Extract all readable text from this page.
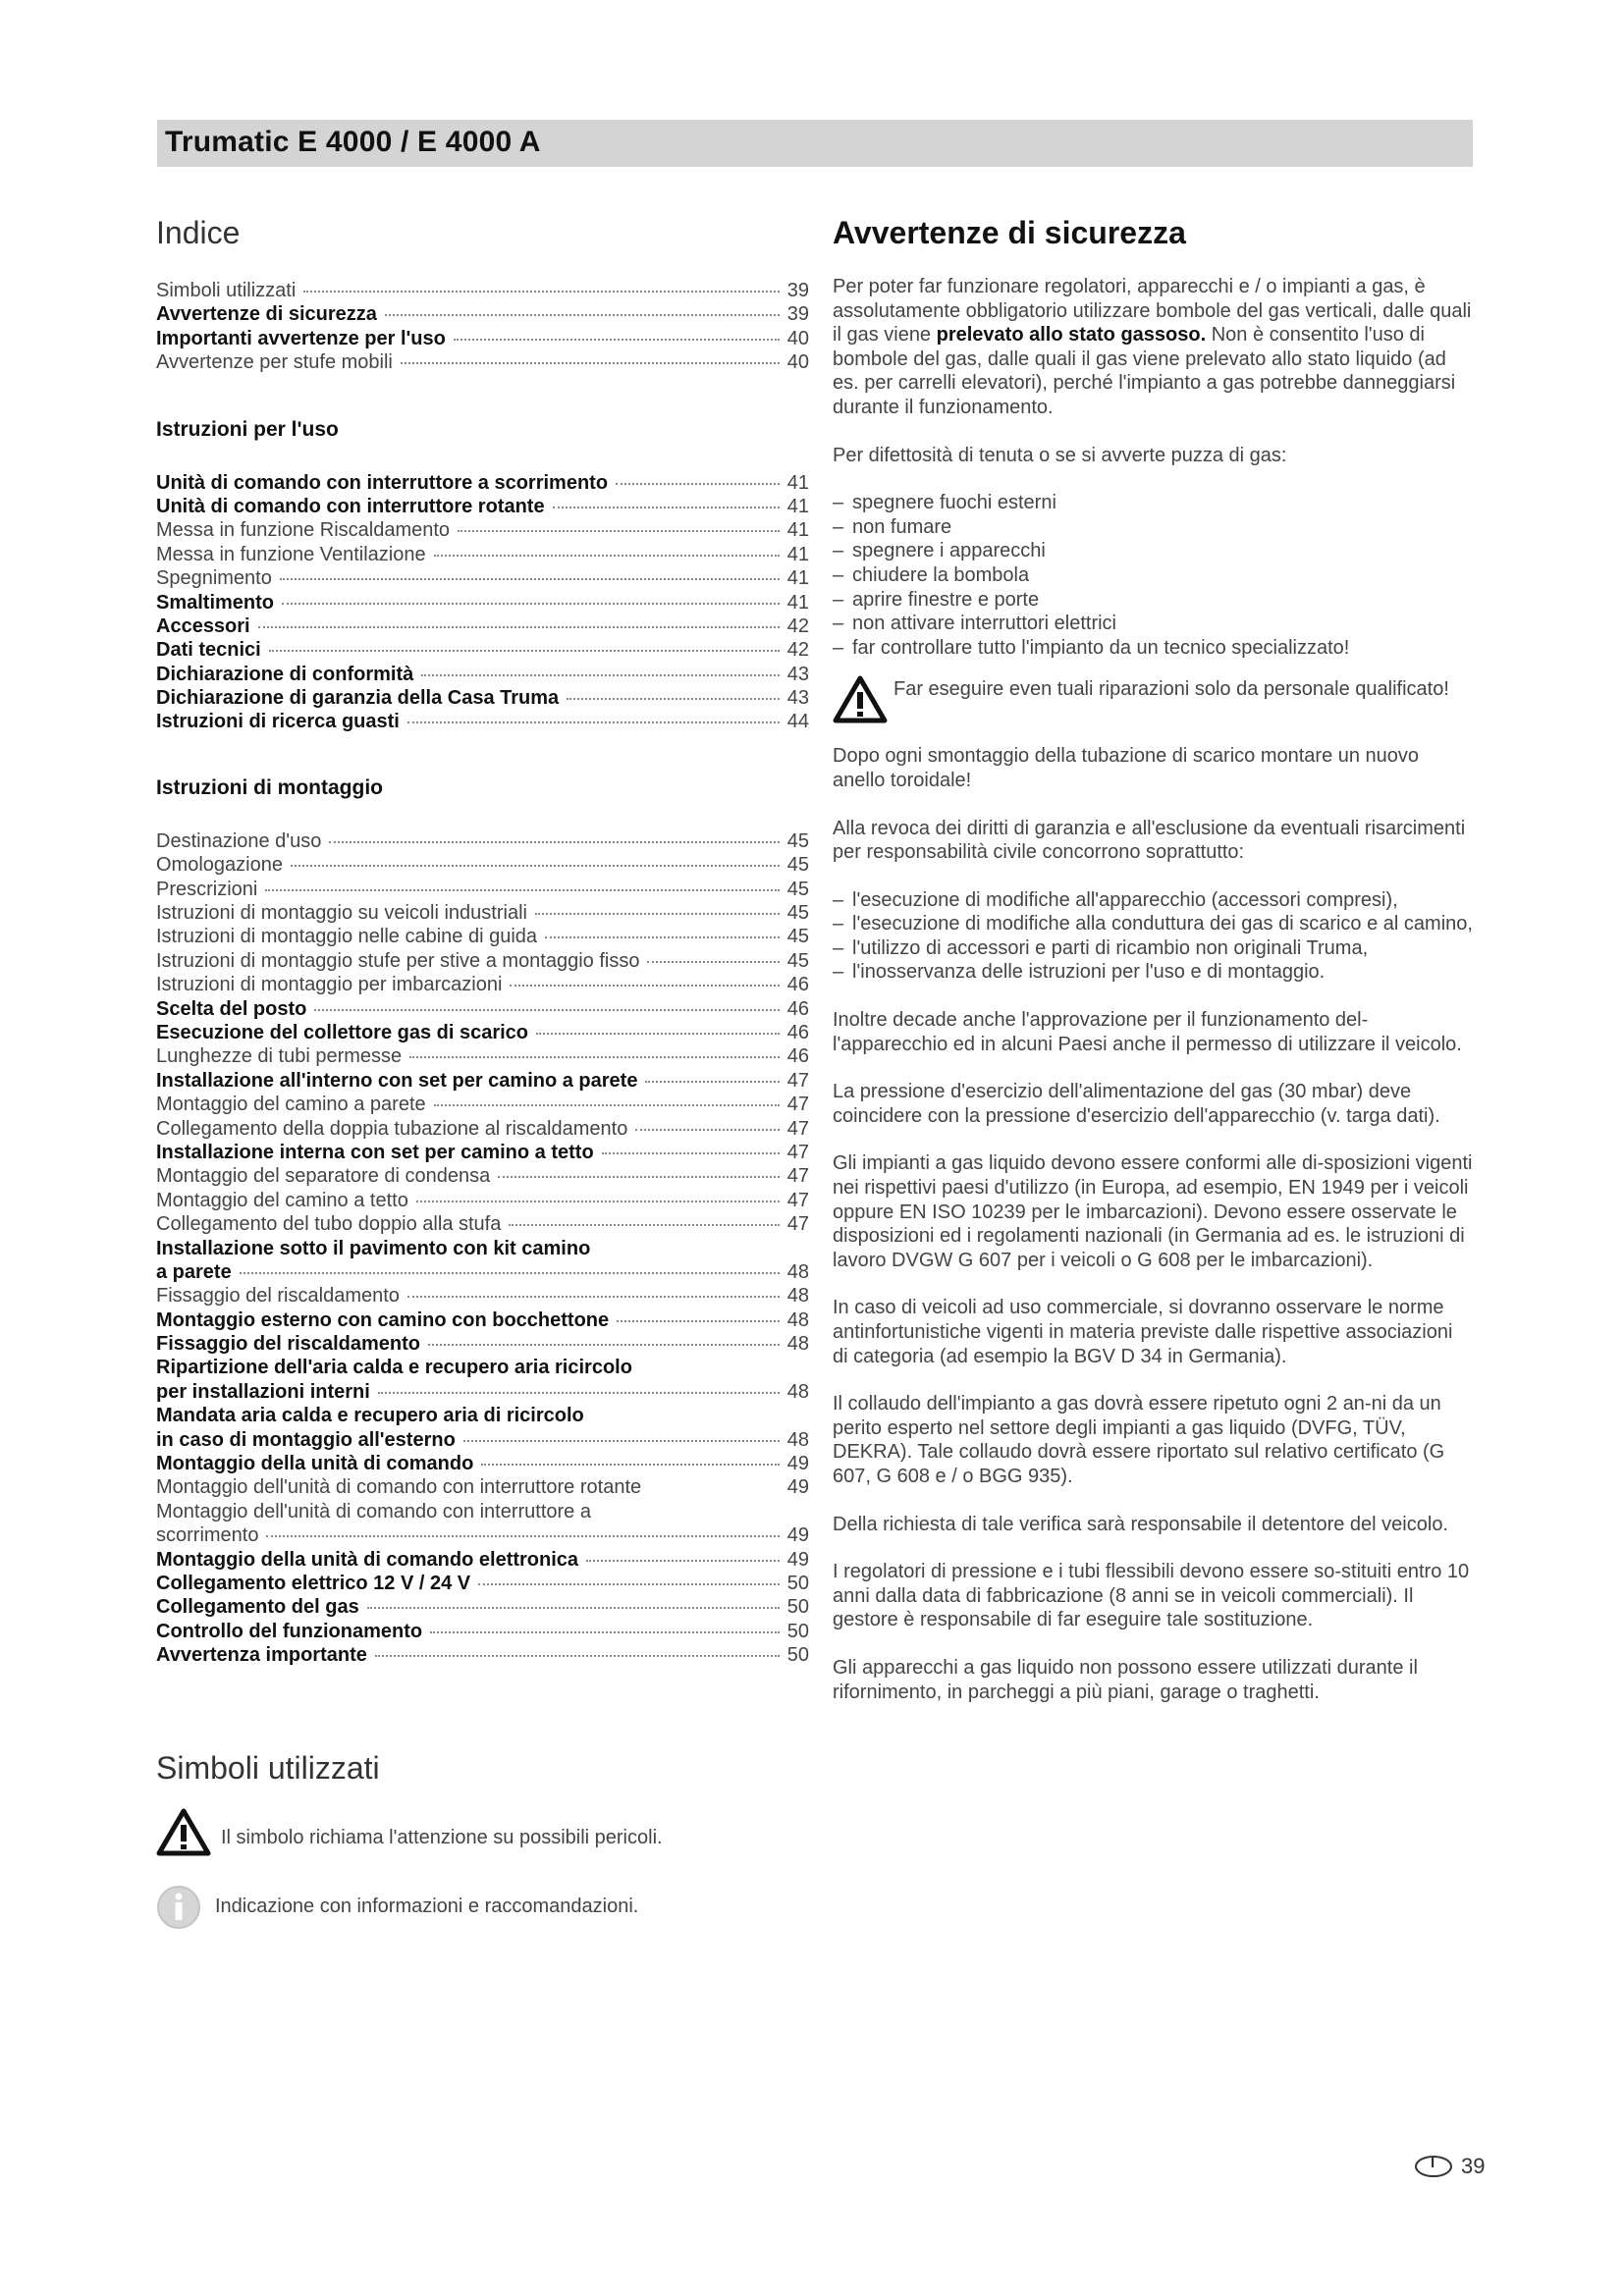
Trumatic E 4000 / E 4000 A
Indice
Simboli utilizzati	39
Avvertenze di sicurezza	39
Importanti avvertenze per l'uso	40
Avvertenze per stufe mobili	40
Istruzioni per l'uso
Unità di comando con interruttore a scorrimento	41
Unità di comando con interruttore rotante	41
Messa in funzione Riscaldamento	41
Messa in funzione Ventilazione	41
Spegnimento	41
Smaltimento	41
Accessori	42
Dati tecnici	42
Dichiarazione di conformità	43
Dichiarazione di garanzia della Casa Truma	43
Istruzioni di ricerca guasti	44
Istruzioni di montaggio
Destinazione d'uso	45
Omologazione	45
Prescrizioni	45
Istruzioni di montaggio su veicoli industriali	45
Istruzioni di montaggio nelle cabine di guida	45
Istruzioni di montaggio stufe per stive a montaggio fisso	45
Istruzioni di montaggio per imbarcazioni	46
Scelta del posto	46
Esecuzione del collettore gas di scarico	46
Lunghezze di tubi permesse	46
Installazione all'interno con set per camino a parete	47
Montaggio del camino a parete	47
Collegamento della doppia tubazione al riscaldamento	47
Installazione interna con set per camino a tetto	47
Montaggio del separatore di condensa	47
Montaggio del camino a tetto	47
Collegamento del tubo doppio alla stufa	47
Installazione sotto il pavimento con kit camino
a parete	48
Fissaggio del riscaldamento	48
Montaggio esterno con camino con bocchettone	48
Fissaggio del riscaldamento	48
Ripartizione dell'aria calda e recupero aria ricircolo
per installazioni interni	48
Mandata aria calda e recupero aria di ricircolo
in caso di montaggio all'esterno	48
Montaggio della unità di comando	49
Montaggio dell'unità di comando con interruttore rotante	49
Montaggio dell'unità di comando con interruttore a
scorrimento	49
Montaggio della unità di comando elettronica	49
Collegamento elettrico 12 V / 24 V	50
Collegamento del gas	50
Controllo del funzionamento	50
Avvertenza importante	50
Simboli utilizzati
Il simbolo richiama l'attenzione su possibili pericoli.
Indicazione con informazioni e raccomandazioni.
Avvertenze di sicurezza

Per poter far funzionare regolatori, apparecchi e / o impianti a gas, è assolutamente obbligatorio utilizzare bombole del gas verticali, dalle quali il gas viene prelevato allo stato gassoso. Non è consentito l'uso di bombole del gas, dalle quali il gas viene prelevato allo stato liquido (ad es. per carrelli elevatori), perché l'impianto a gas potrebbe danneggiarsi durante il funzionamento.

Per difettosità di tenuta o se si avverte puzza di gas:

– spegnere fuochi esterni
– non fumare
– spegnere i apparecchi
– chiudere la bombola
– aprire finestre e porte
– non attivare interruttori elettrici
– far controllare tutto l'impianto da un tecnico specializzato!

Far eseguire even tuali riparazioni solo da personale qualificato!

Dopo ogni smontaggio della tubazione di scarico montare un nuovo anello toroidale!

Alla revoca dei diritti di garanzia e all'esclusione da eventuali risarcimenti per responsabilità civile concorrono soprattutto:

– l'esecuzione di modifiche all'apparecchio (accessori compresi),
– l'esecuzione di modifiche alla conduttura dei gas di scarico e al camino,
– l'utilizzo di accessori e parti di ricambio non originali Truma,
– l'inosservanza delle istruzioni per l'uso e di montaggio.

Inoltre decade anche l'approvazione per il funzionamento del-l'apparecchio ed in alcuni Paesi anche il permesso di utilizzare il veicolo.

La pressione d'esercizio dell'alimentazione del gas (30 mbar) deve coincidere con la pressione d'esercizio dell'apparecchio (v. targa dati).

Gli impianti a gas liquido devono essere conformi alle di-sposizioni vigenti nei rispettivi paesi d'utilizzo (in Europa, ad esempio, EN 1949 per i veicoli oppure EN ISO 10239 per le imbarcazioni). Devono essere osservate le disposizioni ed i regolamenti nazionali (in Germania ad es. le istruzioni di lavoro DVGW G 607 per i veicoli o G 608 per le imbarcazioni).

In caso di veicoli ad uso commerciale, si dovranno osservare le norme antinfortunistiche vigenti in materia previste dalle rispettive associazioni di categoria (ad esempio la BGV D 34 in Germania).

Il collaudo dell'impianto a gas dovrà essere ripetuto ogni 2 an-ni da un perito esperto nel settore degli impianti a gas liquido (DVFG, TÜV, DEKRA). Tale collaudo dovrà essere riportato sul relativo certificato (G 607, G 608 e / o BGG 935).

Della richiesta di tale verifica sarà responsabile il detentore del veicolo.

I regolatori di pressione e i tubi flessibili devono essere so-stituiti entro 10 anni dalla data di fabbricazione (8 anni se in veicoli commerciali). Il gestore è responsabile di far eseguire tale sostituzione.

Gli apparecchi a gas liquido non possono essere utilizzati durante il rifornimento, in parcheggi a più piani, garage o traghetti.

I 39
